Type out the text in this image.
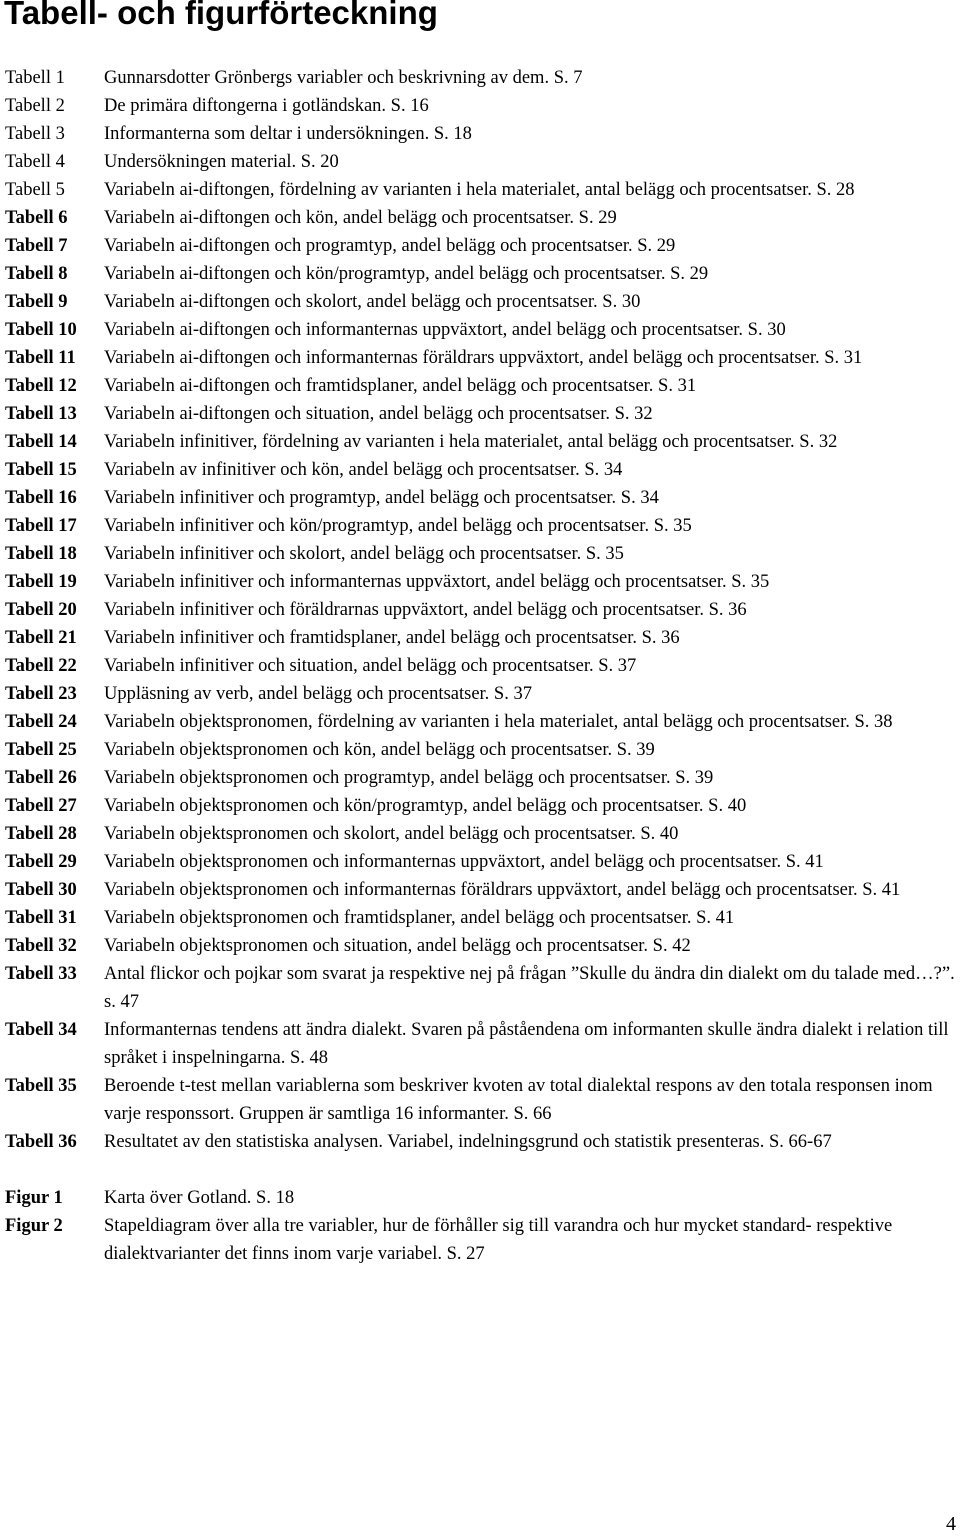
Tabell- och figurförteckning
Tabell 1	Gunnarsdotter Grönbergs variabler och beskrivning av dem. S. 7
Tabell 2	De primära diftongerna i gotländskan. S. 16
Tabell 3	Informanterna som deltar i undersökningen. S. 18
Tabell 4	Undersökningen material. S. 20
Tabell 5	Variabeln ai-diftongen, fördelning av varianten i hela materialet, antal belägg och procentsatser. S. 28
Tabell 6	Variabeln ai-diftongen och kön, andel belägg och procentsatser. S. 29
Tabell 7	Variabeln ai-diftongen och programtyp, andel belägg och procentsatser. S. 29
Tabell 8	Variabeln ai-diftongen och kön/programtyp, andel belägg och procentsatser. S. 29
Tabell 9	Variabeln ai-diftongen och skolort, andel belägg och procentsatser. S. 30
Tabell 10	Variabeln ai-diftongen och informanternas uppväxtort, andel belägg och procentsatser. S. 30
Tabell 11	Variabeln ai-diftongen och informanternas föräldrars uppväxtort, andel belägg och procentsatser. S. 31
Tabell 12	Variabeln ai-diftongen och framtidsplaner, andel belägg och procentsatser. S. 31
Tabell 13	Variabeln ai-diftongen och situation, andel belägg och procentsatser. S. 32
Tabell 14	Variabeln infinitiver, fördelning av varianten i hela materialet, antal belägg och procentsatser. S. 32
Tabell 15	Variabeln av infinitiver och kön, andel belägg och procentsatser. S. 34
Tabell 16	Variabeln infinitiver och programtyp, andel belägg och procentsatser. S. 34
Tabell 17	Variabeln infinitiver och kön/programtyp, andel belägg och procentsatser. S. 35
Tabell 18	Variabeln infinitiver och skolort, andel belägg och procentsatser. S. 35
Tabell 19	Variabeln infinitiver och informanternas uppväxtort, andel belägg och procentsatser. S. 35
Tabell 20	Variabeln infinitiver och föräldrarnas uppväxtort, andel belägg och procentsatser. S. 36
Tabell 21	Variabeln infinitiver och framtidsplaner, andel belägg och procentsatser. S. 36
Tabell 22	Variabeln infinitiver och situation, andel belägg och procentsatser. S. 37
Tabell 23	Uppläsning av verb, andel belägg och procentsatser. S. 37
Tabell 24	Variabeln objektspronomen, fördelning av varianten i hela materialet, antal belägg och procentsatser. S. 38
Tabell 25	Variabeln objektspronomen och kön, andel belägg och procentsatser. S. 39
Tabell 26	Variabeln objektspronomen och programtyp, andel belägg och procentsatser. S. 39
Tabell 27	Variabeln objektspronomen och kön/programtyp, andel belägg och procentsatser. S. 40
Tabell 28	Variabeln objektspronomen och skolort, andel belägg och procentsatser. S. 40
Tabell 29	Variabeln objektspronomen och informanternas uppväxtort, andel belägg och procentsatser. S. 41
Tabell 30	Variabeln objektspronomen och informanternas föräldrars uppväxtort, andel belägg och procentsatser. S. 41
Tabell 31	Variabeln objektspronomen och framtidsplaner, andel belägg och procentsatser. S. 41
Tabell 32	Variabeln objektspronomen och situation, andel belägg och procentsatser. S. 42
Tabell 33	Antal flickor och pojkar som svarat ja respektive nej på frågan ”Skulle du ändra din dialekt om du talade med…?”. s. 47
Tabell 34	Informanternas tendens att ändra dialekt. Svaren på påståendena om informanten skulle ändra dialekt i relation till språket i inspelningarna. S. 48
Tabell 35	Beroende t-test mellan variablerna som beskriver kvoten av total dialektal respons av den totala responsen inom varje responssort. Gruppen är samtliga 16 informanter. S. 66
Tabell 36	Resultatet av den statistiska analysen. Variabel, indelningsgrund och statistik presenteras. S. 66-67
Figur 1	Karta över Gotland. S. 18
Figur 2	Stapeldiagram över alla tre variabler, hur de förhåller sig till varandra och hur mycket standard- respektive dialektvarianter det finns inom varje variabel. S. 27
4
